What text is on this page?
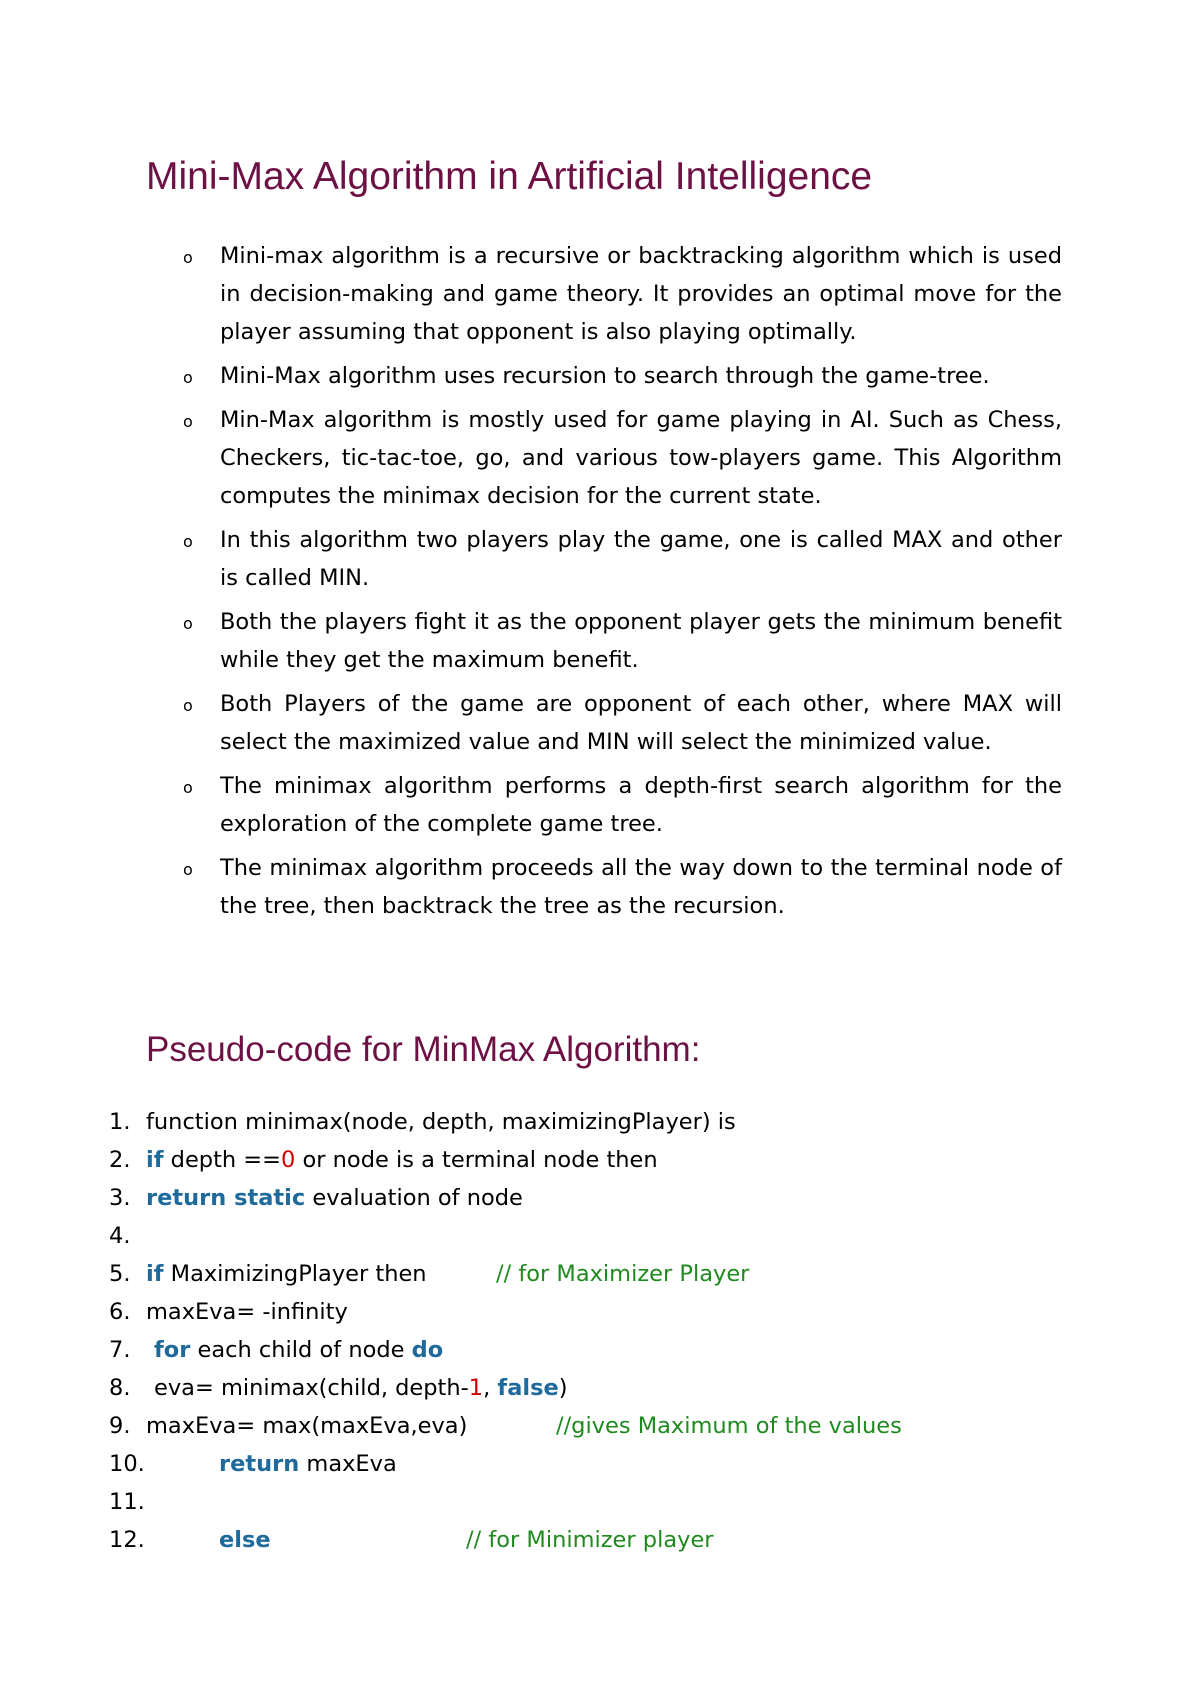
Mini-Max Algorithm in Artificial Intelligence
o Mini-max algorithm is a recursive or backtracking algorithm which is used in decision-making and game theory. It provides an optimal move for the player assuming that opponent is also playing optimally.
o Mini-Max algorithm uses recursion to search through the game-tree.
o Min-Max algorithm is mostly used for game playing in AI. Such as Chess, Checkers, tic-tac-toe, go, and various tow-players game. This Algorithm computes the minimax decision for the current state.
o In this algorithm two players play the game, one is called MAX and other is called MIN.
o Both the players fight it as the opponent player gets the minimum benefit while they get the maximum benefit.
o Both Players of the game are opponent of each other, where MAX will select the maximized value and MIN will select the minimized value.
o The minimax algorithm performs a depth-first search algorithm for the exploration of the complete game tree.
o The minimax algorithm proceeds all the way down to the terminal node of the tree, then backtrack the tree as the recursion.
Pseudo-code for MinMax Algorithm:
1. function minimax(node, depth, maximizingPlayer) is
2. if depth ==0 or node is a terminal node then
3. return static evaluation of node
4.
5. if MaximizingPlayer then	// for Maximizer Player
6. maxEva= -infinity
7. for each child of node do
8. eva= minimax(child, depth-1, false)
9. maxEva= max(maxEva,eva)	//gives Maximum of the values
10.	return maxEva
11.
12.	else	// for Minimizer player
